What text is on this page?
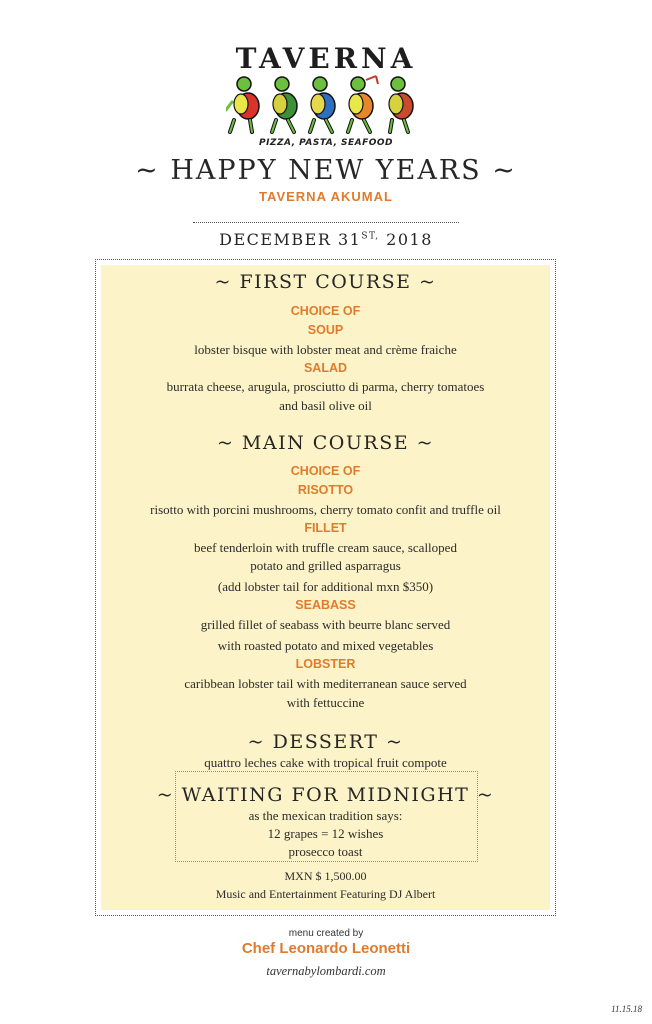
TAVERNA
PIZZA, PASTA, SEAFOOD
~ HAPPY NEW YEARS ~
TAVERNA AKUMAL
DECEMBER $31^{ST,}$ 2018
~ FIRST COURSE ~
CHOICE OF
SOUP
lobster bisque with lobster meat and crème fraiche
SALAD
burrata cheese, arugula, prosciutto di parma, cherry tomatoes
and basil olive oil
~ MAIN COURSE ~
CHOICE OF
RISOTTO
risotto with porcini mushrooms, cherry tomato confit and truffle oil
FILLET
beef tenderloin with truffle cream sauce, scalloped
potato and grilled asparragus
(add lobster tail for additional mxn $350)
SEABASS
grilled fillet of seabass with beurre blanc served
with roasted potato and mixed vegetables
LOBSTER
caribbean lobster tail with mediterranean sauce served
with fettuccine
~ DESSERT ~
quattro leches cake with tropical fruit compote
~ WAITING FOR MIDNIGHT ~
as the mexican tradition says:
12 grapes = 12 wishes
prosecco toast
MXN $ 1,500.00
Music and Entertainment Featuring DJ Albert
menu created by
Chef Leonardo Leonetti
tavernabylombardi.com
11.15.18
